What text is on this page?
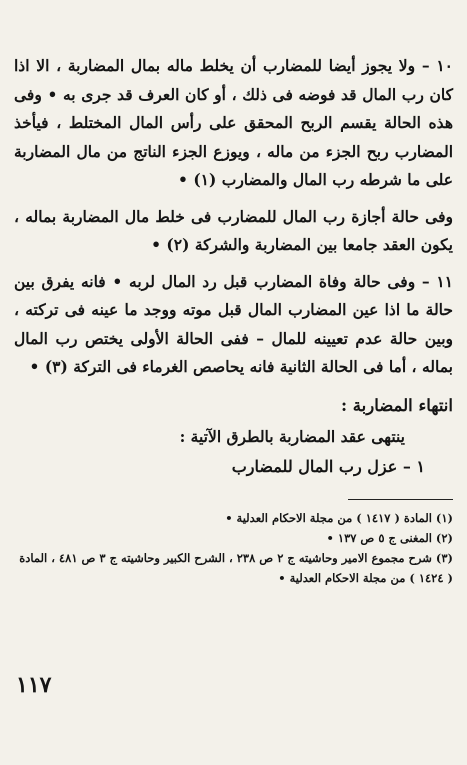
١٠ – ولا يجوز أيضا للمضارب أن يخلط ماله بمال المضاربة ، الا اذا كان رب المال قد فوضه فى ذلك ، أو كان العرف قد جرى به • وفى هذه الحالة يقسم الربح المحقق على رأس المال المختلط ، فيأخذ المضارب ربح الجزء من ماله ، ويوزع الجزء الناتج من مال المضاربة على ما شرطه رب المال والمضارب (١) •

وفى حالة أجازة رب المال للمضارب فى خلط مال المضاربة بماله ، يكون العقد جامعا بين المضاربة والشركة (٢) •

١١ – وفى حالة وفاة المضارب قبل رد المال لربه • فانه يفرق بين حالة ما اذا عين المضارب المال قبل موته ووجد ما عينه فى تركته ، وبين حالة عدم تعيينه للمال – ففى الحالة الأولى يختص رب المال بماله ، أما فى الحالة الثانية فانه يحاصص الغرماء فى التركة (٣) •

انتهاء المضاربة :

ينتهى عقد المضاربة بالطرق الآتية :

١ – عزل رب المال للمضارب

(١) المادة ( ١٤١٧ ) من مجلة الاحكام العدلية •

(٢) المغنى ج ٥ ص ١٣٧ •

(٣) شرح مجموع الامير وحاشيته ج ٢ ص ٢٣٨ ، الشرح الكبير وحاشيته ج ٣ ص ٤٨١ ، المادة ( ١٤٢٤ ) من مجلة الاحكام العدلية •

١١٧
